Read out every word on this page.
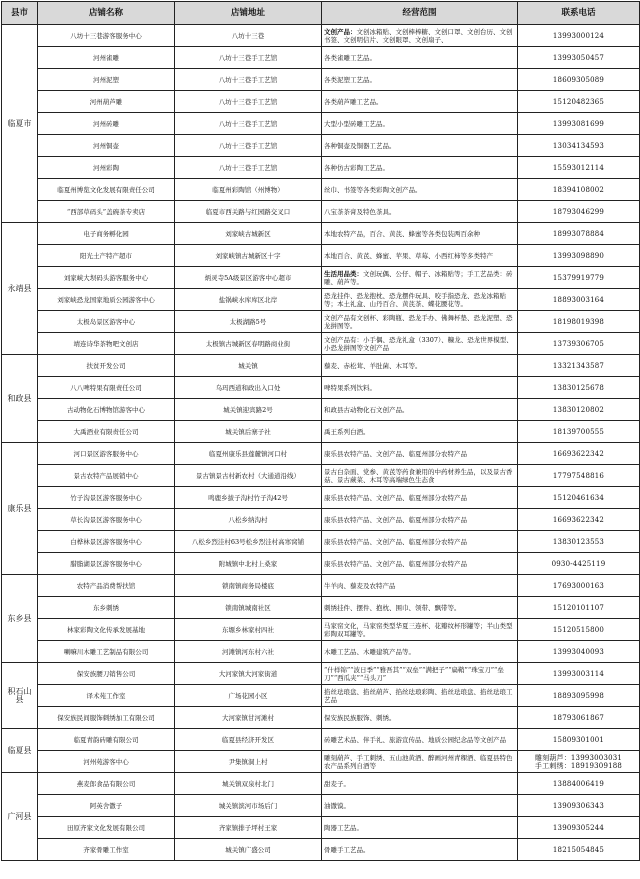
县市	店铺名称	店铺地址	经营范围	联系电话
临夏市	八坊十三巷游客服务中心	八坊十三巷	文创产品：文创冰箱贴、文创棒棒糖、文创口罩、文创台历、文创书签、文创明信片、文创眼罩、文创扇子、	13993000124

	河州雀雕	八坊十三巷手工艺馆	各类雀雕工艺品。	13993050457

	河州泥塑	八坊十三巷手工艺馆	各类泥塑工艺品。	18609305089

	河州葫芦雕	八坊十三巷手工艺馆	各类葫芦雕工艺品。	15120482365

	河州砖雕	八坊十三巷手工艺馆	大型小型砖雕工艺品。	13993081699

	河州铜壶	八坊十三巷手工艺馆	各种铜壶及铜器工艺品。	13034134593

	河州彩陶	八坊十三巷手工艺馆	各种仿古彩陶工艺品。	15593012114

	临夏州博览文化发展有限责任公司	临夏州彩陶馆（州博物）	丝巾、书签等各类彩陶文创产品。	18394108002

	“西部草码头”盖碗茶专卖店	临夏市西关路与红园路交叉口	八宝茶茶膏及特色茶具。	18793046299

永靖县	电子商务孵化园	刘家峡古城新区	本地农特产品，百合、黄芪、蜂蜜等各类包装两百余种	18993078884

	阳光土产特产超市	刘家峡镇古城新区十字	本地百合、黄芪、蜂蜜、苹果、草莓、小西红柿等多类特产	13993098890

	刘家峡大坝码头游客服务中心	炳灵寺5A级景区游客中心超市	生活用品类：文创玩偶、公仔、帽子、冰箱贴等；手工艺品类：砖雕、葫芦等。	15379919779

	刘家峡恐龙国家地质公园游客中心	盐锅峡水库库区北岸	恐龙挂件、恐龙抱枕、恐龙摆件玩具、咬手指恐龙、恐龙冰箱贴等；本土礼盒、山丹百合、黄芪茶、蝶花腰花等。	18893003164

	太极岛景区游客中心	太极湖路5号	文创产品有文创杯、彩陶瓶、恐龙手办、佛舞杯垫、恐龙泥塑、恐龙拼图等。	18198019398

	靖连诗华茶物吧文创店	太极镇古城新区春明路商业街	文创产品有：小手偶、恐龙礼盒（3307）、糠龙、恐龙世界模型、小恐龙拼图等文创产品	13739306705

和政县	扶贫开发公司	城关镇	藜麦、赤松茸、羊肚菌、木耳等。	13321343587

	八八啤特果有限责任公司	乌玛西道和政出入口处	啤特果系列饮料。	13830125678

	古动物化石博物馆游客中心	城关镇迎宾路2号	和政县古动物化石文创产品。	13830120802

	大禹酒业有限责任公司	城关镇后寨子社	禹王系列白酒。	18139700555

康乐县	河口景区游客服务中心	临夏州康乐县莲麓镇河口村	康乐县农特产品、文创产品、临夏州部分农特产品	16693622342

	景古农特产品展销中心	景古镇景古村新农村（大通道沿线）	景古白杂面、党参、黄芪等药食兼用的中药材养生品，以及景古香菇、景古蕨菜、木耳等高端绿色生态食	17797548816

	竹子沟景区游客服务中心	鸣鹿乡拔子沟村竹子沟42号	康乐县农特产品、文创产品、临夏州部分农特产品	15120461634

	草长沟景区游客服务中心	八松乡纳沟村	康乐县农特产品、文创产品、临夏州部分农特产品	16693622342

	白桦林景区游客服务中心	八松乡烈洼村63号松乡烈洼村高寒窝铺	康乐县农特产品、文创产品、临夏州部分农特产品	13830123553

	腊脂湖景区游客服务中心	附城镇中北村上桑家	康乐县农特产品、文创产品、临夏州部分农特产品	0930-4425119

东乡县	农特产品消费帮扶馆	锁南镇商务局楼底	牛羊肉、藜麦及农特产品	17693000163

	东乡刺绣	锁南镇城南社区	刺绣挂件、摆件、抱枕、围巾、领带、飘带等。	15120101107

	林家彩陶文化传承发展基地	东塬乡林家村四社	马家窑文化，马家窑类型华夏三连杯、花瓣纹杯形罐等；半山类型彩陶双耳罐等。	15120515800

	喇嘛川木雕工艺制品有限公司	河滩镇河东村六社	木雕工艺品、木雕建筑产品等。	13993040093

积石山县	保安族腰刀销售公司	大河家镇大河家街道	“什样锦”“波日季”“雅吾其”“双垒”“满把子”“扁鞘”“珠宝刀”“垒刀”“西瓜夹”“马头刀”	13993003114

	译术苑工作室	广场花园小区	掐丝珐琅盘、掐丝葫芦、掐丝珐琅彩陶、掐丝珐琅盘、掐丝珐琅工艺品	18893095998

	保安族民间服饰刺绣加工有限公司	大河家镇甘河滩村	保安族民族服饰、刺绣。	18793061867

临夏县	临夏青韵砖雕有限公司	临夏县经济开发区	砖雕艺术品、伴手礼、旅游宣传品、地质公园纪念品等文创产品	15809301001

	河州苑游客中心	尹集镇洞上村	雕刻葫芦、手工刺绣、五山池黄酒、醉画河州青稞酒、临夏县特色农产品系列自酒等	雕刻葫芦：13993003031
手工刺绣：18919309188

广河县	燕麦郎食品有限公司	城关镇双泉村北门	甜麦子。	13884006419

	阿英舍馓子	城关镇滨河市场后门	油馓馍。	13909306343

	田原齐家文化发展有限公司	齐家镇排子坪村王家	陶器工艺品。	13909305244

	齐家骨雕工作室	城关镇广盛公司	骨雕手工艺品。	18215054845
